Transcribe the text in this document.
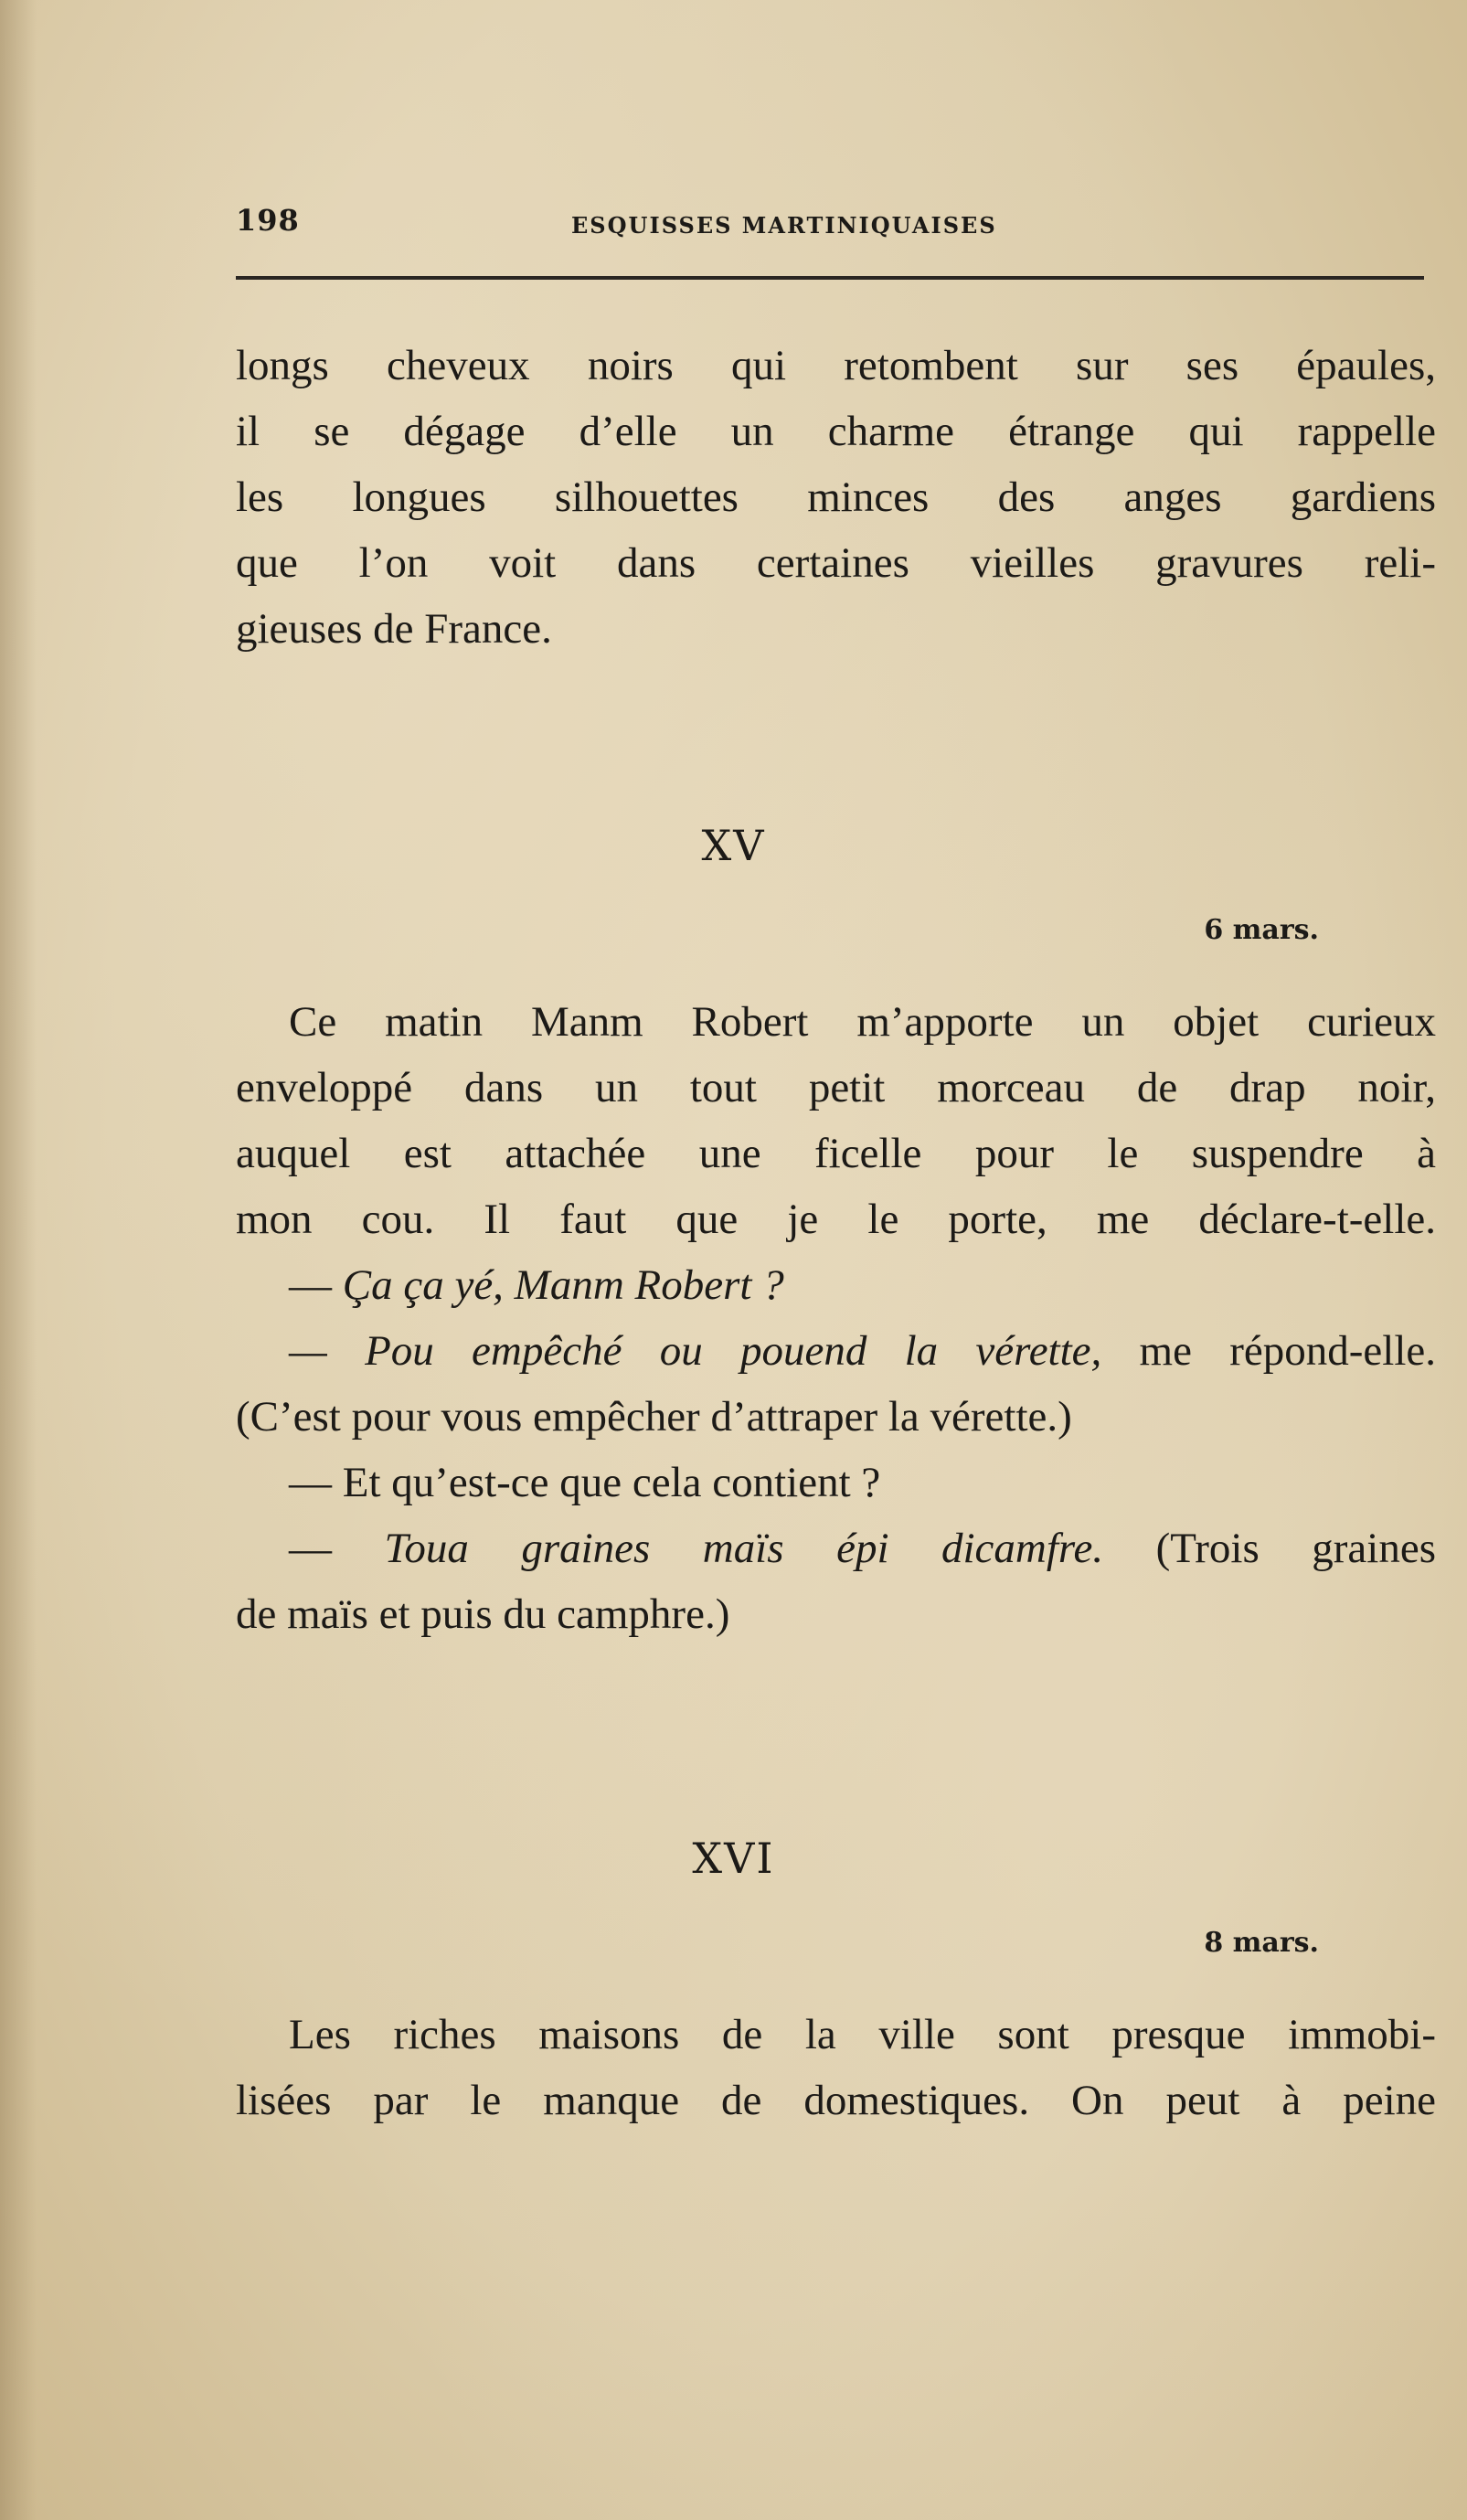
198	ESQUISSES MARTINIQUAISES
longs cheveux noirs qui retombent sur ses épaules,
il se dégage d’elle un charme étrange qui rappelle
les longues silhouettes minces des anges gardiens
que l’on voit dans certaines vieilles gravures reli-
gieuses de France.
XV
6 mars.
Ce matin Manm Robert m’apporte un objet curieux
enveloppé dans un tout petit morceau de drap noir,
auquel est attachée une ficelle pour le suspendre à
mon cou. Il faut que je le porte, me déclare-t-elle.
— Ça ça yé, Manm Robert ?
— Pou empêché ou pouend la vérette, me répond-elle.
(C’est pour vous empêcher d’attraper la vérette.)
— Et qu’est-ce que cela contient ?
— Toua graines maïs épi dicamfre. (Trois graines
de maïs et puis du camphre.)
XVI
8 mars.
Les riches maisons de la ville sont presque immobi-
lisées par le manque de domestiques. On peut à peine
